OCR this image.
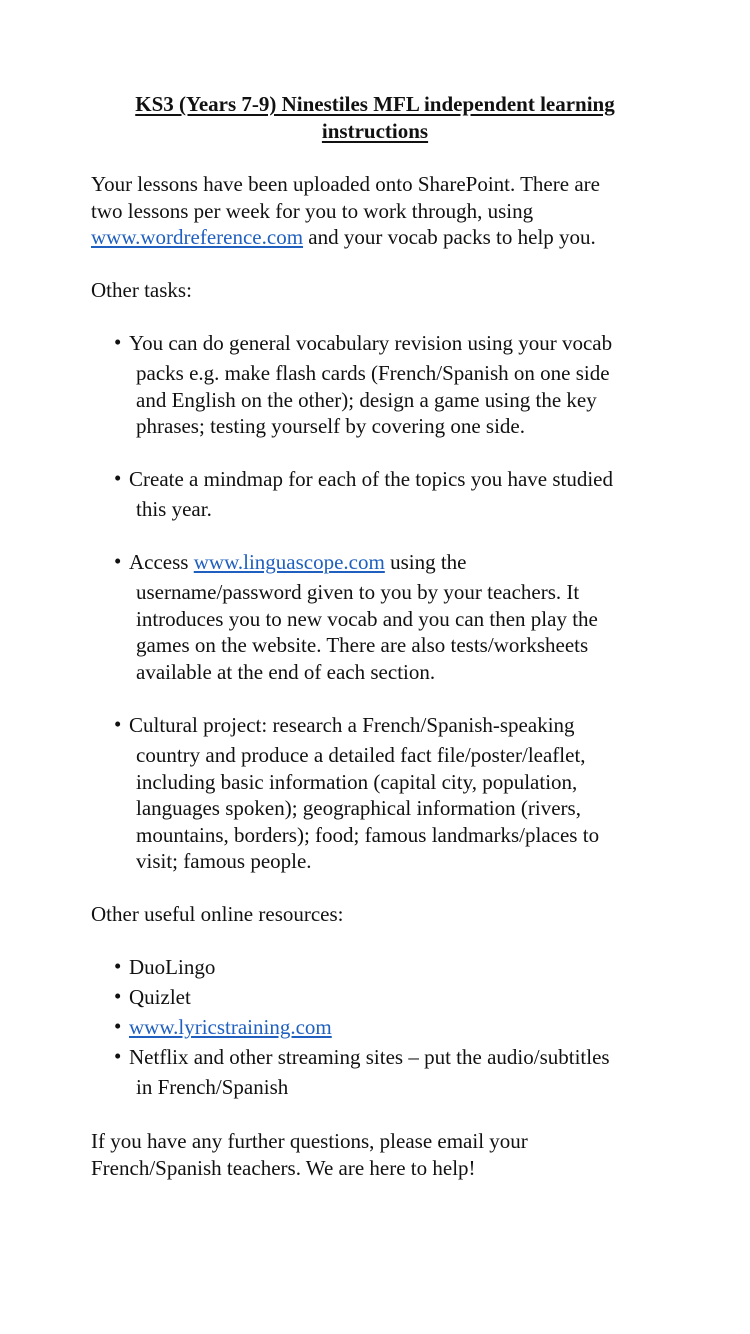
KS3 (Years 7-9) Ninestiles MFL independent learning
instructions
Your lessons have been uploaded onto SharePoint. There are
two lessons per week for you to work through, using
www.wordreference.com and your vocab packs to help you.
Other tasks:
• You can do general vocabulary revision using your vocab
packs e.g. make flash cards (French/Spanish on one side
and English on the other); design a game using the key
phrases; testing yourself by covering one side.
• Create a mindmap for each of the topics you have studied
this year.
• Access www.linguascope.com using the
username/password given to you by your teachers. It
introduces you to new vocab and you can then play the
games on the website. There are also tests/worksheets
available at the end of each section.
• Cultural project: research a French/Spanish-speaking
country and produce a detailed fact file/poster/leaflet,
including basic information (capital city, population,
languages spoken); geographical information (rivers,
mountains, borders); food; famous landmarks/places to
visit; famous people.
Other useful online resources:
• DuoLingo
• Quizlet
• www.lyricstraining.com
• Netflix and other streaming sites – put the audio/subtitles
in French/Spanish
If you have any further questions, please email your
French/Spanish teachers. We are here to help!
